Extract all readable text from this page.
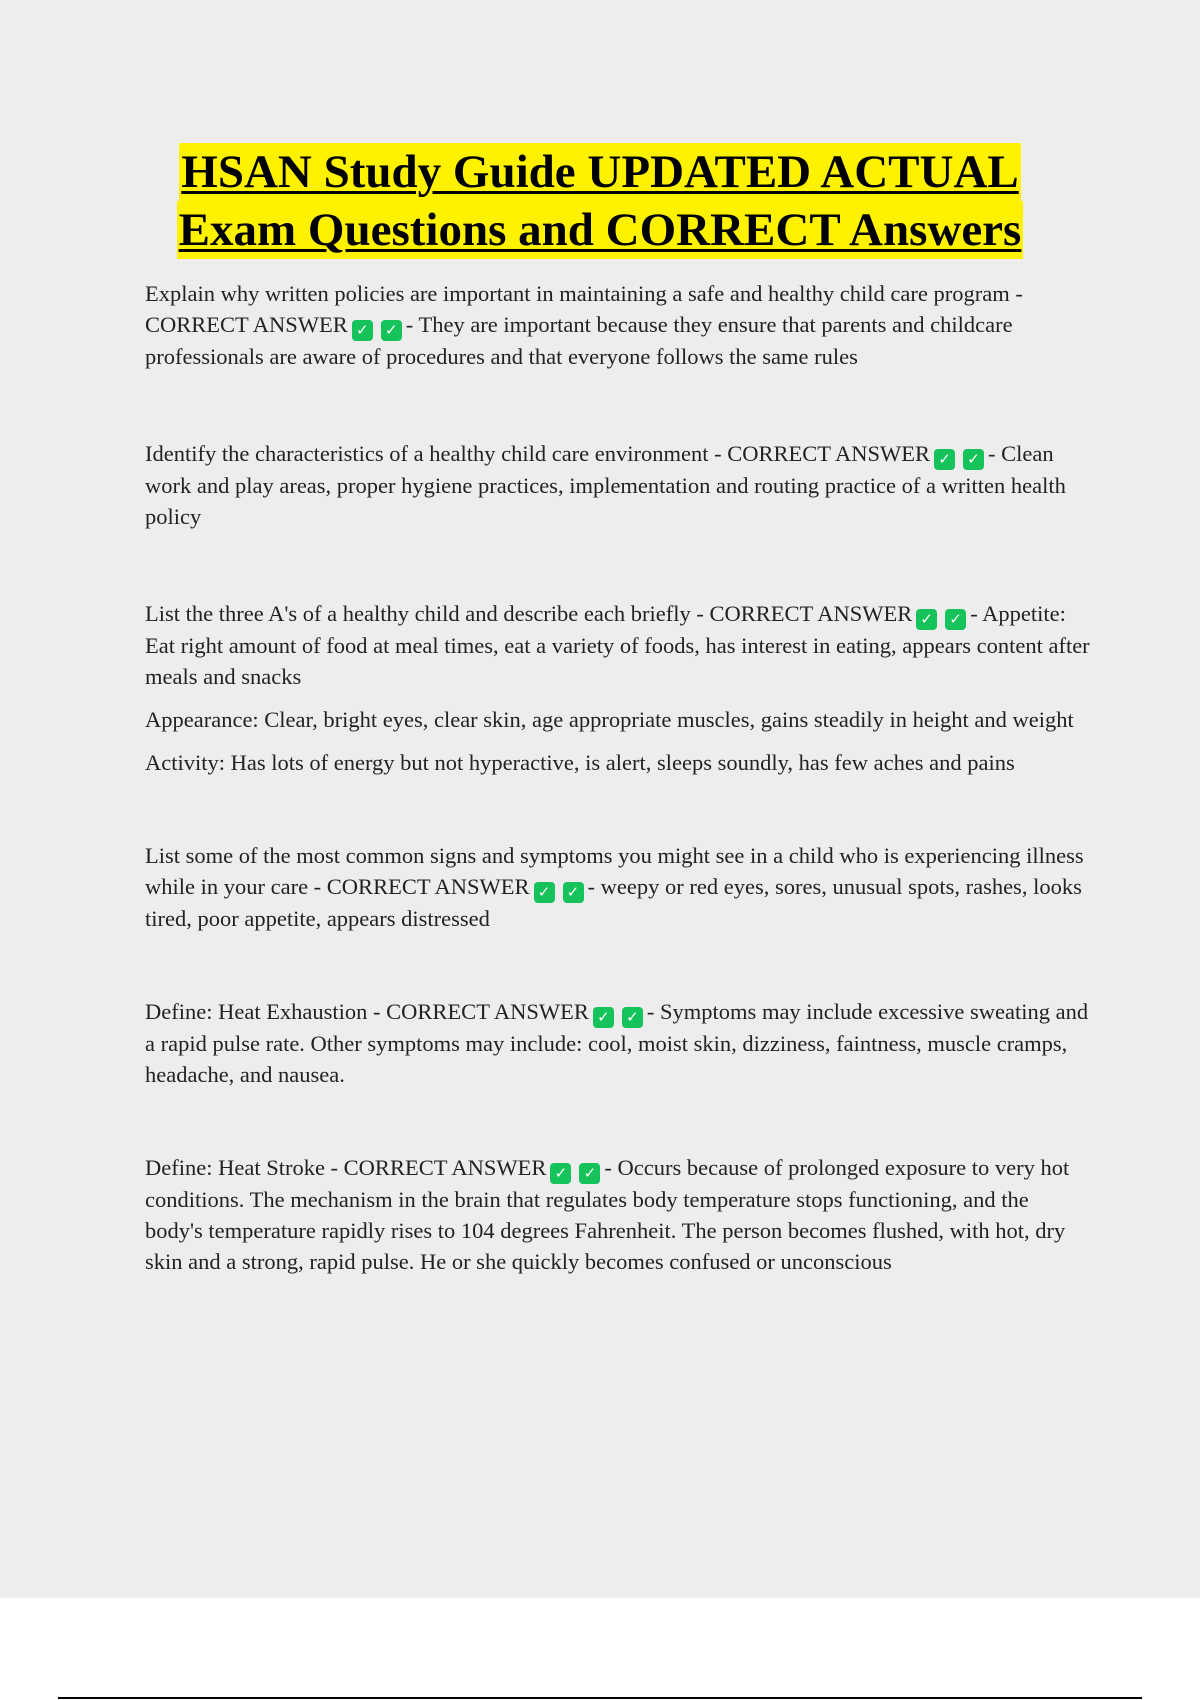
HSAN Study Guide UPDATED ACTUAL
Exam Questions and CORRECT Answers

Explain why written policies are important in maintaining a safe and healthy child care program - CORRECT ANSWER ✓ ✓ - They are important because they ensure that parents and childcare professionals are aware of procedures and that everyone follows the same rules

Identify the characteristics of a healthy child care environment - CORRECT ANSWER ✓ ✓ - Clean work and play areas, proper hygiene practices, implementation and routing practice of a written health policy

List the three A's of a healthy child and describe each briefly - CORRECT ANSWER ✓ ✓ - Appetite: Eat right amount of food at meal times, eat a variety of foods, has interest in eating, appears content after meals and snacks

Appearance: Clear, bright eyes, clear skin, age appropriate muscles, gains steadily in height and weight

Activity: Has lots of energy but not hyperactive, is alert, sleeps soundly, has few aches and pains

List some of the most common signs and symptoms you might see in a child who is experiencing illness while in your care - CORRECT ANSWER ✓ ✓ - weepy or red eyes, sores, unusual spots, rashes, looks tired, poor appetite, appears distressed

Define: Heat Exhaustion - CORRECT ANSWER ✓ ✓ - Symptoms may include excessive sweating and a rapid pulse rate. Other symptoms may include: cool, moist skin, dizziness, faintness, muscle cramps, headache, and nausea.

Define: Heat Stroke - CORRECT ANSWER ✓ ✓ - Occurs because of prolonged exposure to very hot conditions. The mechanism in the brain that regulates body temperature stops functioning, and the body's temperature rapidly rises to 104 degrees Fahrenheit. The person becomes flushed, with hot, dry skin and a strong, rapid pulse. He or she quickly becomes confused or unconscious
